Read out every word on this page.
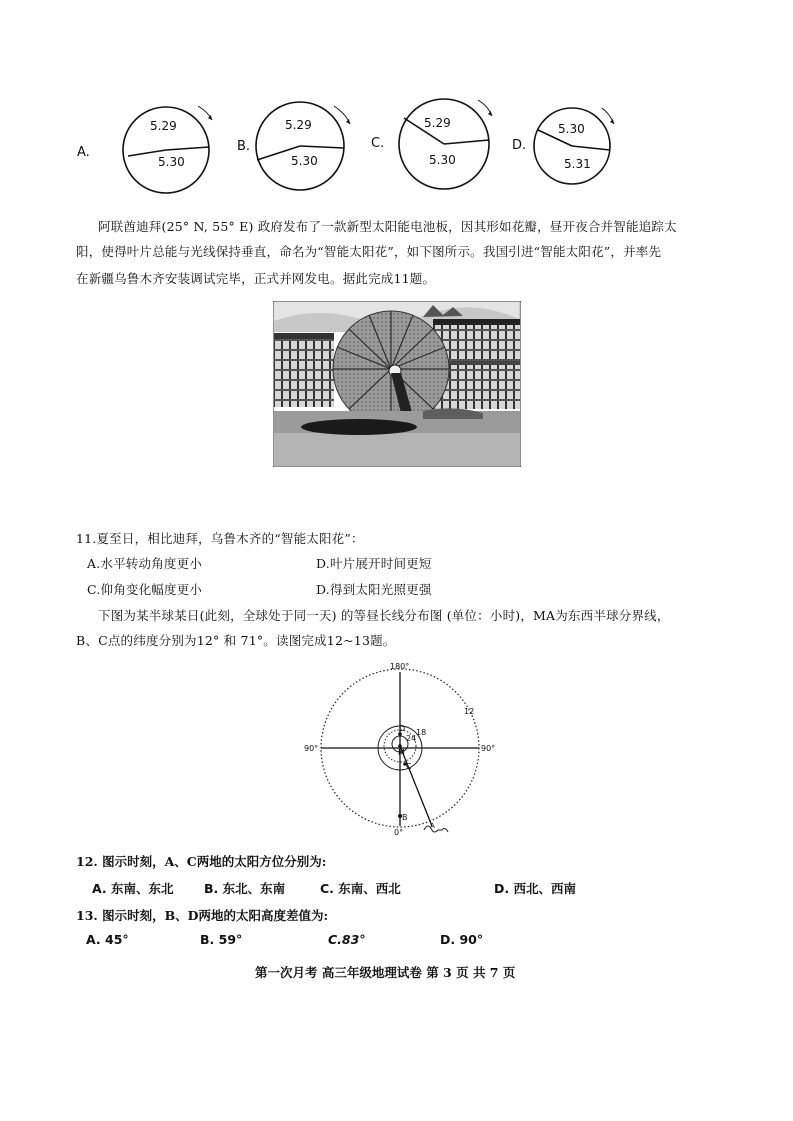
A.
5.29
5.30
B.
5.29
5.30
C.
5.29
5.30
D.
5.30
5.31
阿联酋迪拜(25° N, 55° E) 政府发布了一款新型太阳能电池板，因其形如花瓣，昼开夜合并智能追踪太
阳，使得叶片总能与光线保持垂直，命名为“智能太阳花”，如下图所示。我国引进“智能太阳花”，并率先
在新疆乌鲁木齐安装调试完毕，正式并网发电。据此完成11题。
11.夏至日，相比迪拜，乌鲁木齐的“智能太阳花”：
A.水平转动角度更小	D.叶片展开时间更短
C.仰角变化幅度更小	D.得到太阳光照更强
下图为某半球某日(此刻，全球处于同一天) 的等昼长线分布图 (单位：小时)，MA为东西半球分界线，
B、C点的纬度分别为12° 和 71°。读图完成12~13题。
180°
90°	90°
0°
12
18
24
D
M
C
B
A
12. 图示时刻，A、C两地的太阳方位分别为:
A. 东南、东北 B. 东北、东南	C. 东南、西北	D. 西北、西南
13. 图示时刻，B、D两地的太阳高度差值为:
A. 45°	B. 59°	C.83°	D. 90°
第一次月考 高三年级地理试卷 第 3 页 共 7 页
